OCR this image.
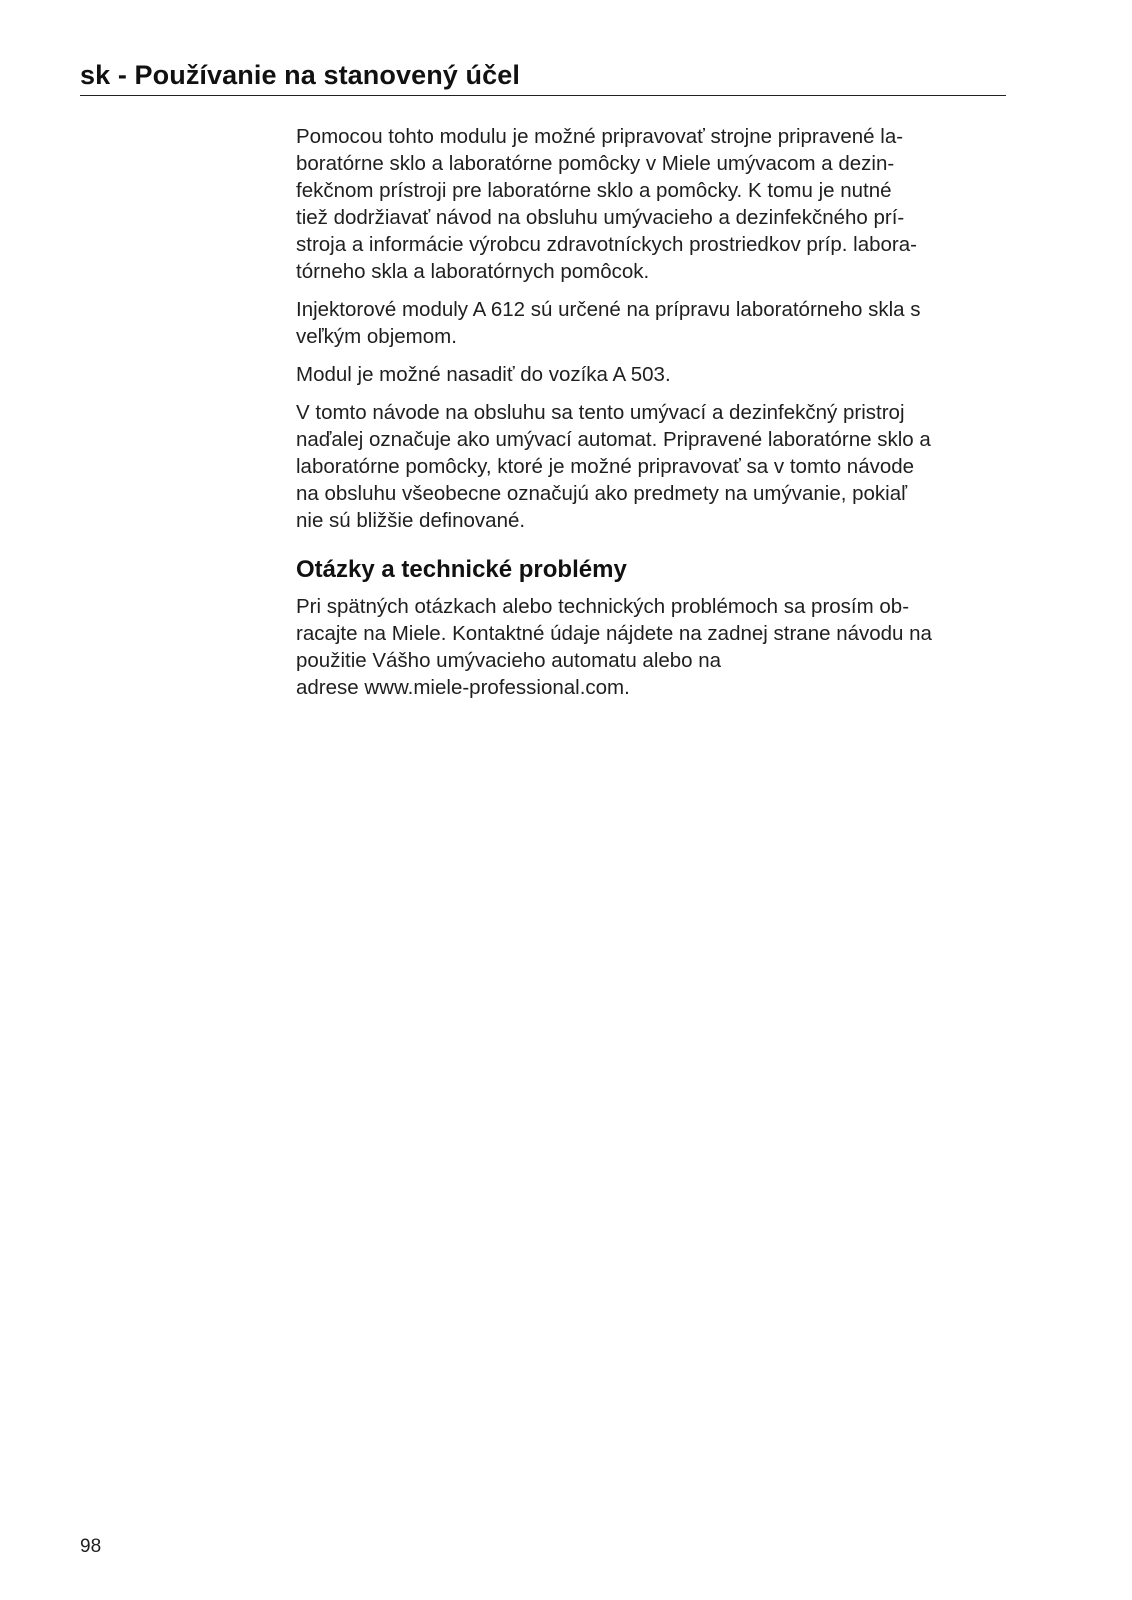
sk - Používanie na stanovený účel

Pomocou tohto modulu je možné pripravovať strojne pripravené la-
boratórne sklo a laboratórne pomôcky v Miele umývacom a dezin-
fekčnom prístroji pre laboratórne sklo a pomôcky. K tomu je nutné
tiež dodržiavať návod na obsluhu umývacieho a dezinfekčného prí-
stroja a informácie výrobcu zdravotníckych prostriedkov príp. labora-
tórneho skla a laboratórnych pomôcok.

Injektorové moduly A 612 sú určené na prípravu laboratórneho skla s
veľkým objemom.

Modul je možné nasadiť do vozíka A 503.

V tomto návode na obsluhu sa tento umývací a dezinfekčný pristroj
naďalej označuje ako umývací automat. Pripravené laboratórne sklo a
laboratórne pomôcky, ktoré je možné pripravovať sa v tomto návode
na obsluhu všeobecne označujú ako predmety na umývanie, pokiaľ
nie sú bližšie definované.

Otázky a technické problémy

Pri spätných otázkach alebo technických problémoch sa prosím ob-
racajte na Miele. Kontaktné údaje nájdete na zadnej strane návodu na
použitie Vášho umývacieho automatu alebo na
adrese www.miele-professional.com.

98
